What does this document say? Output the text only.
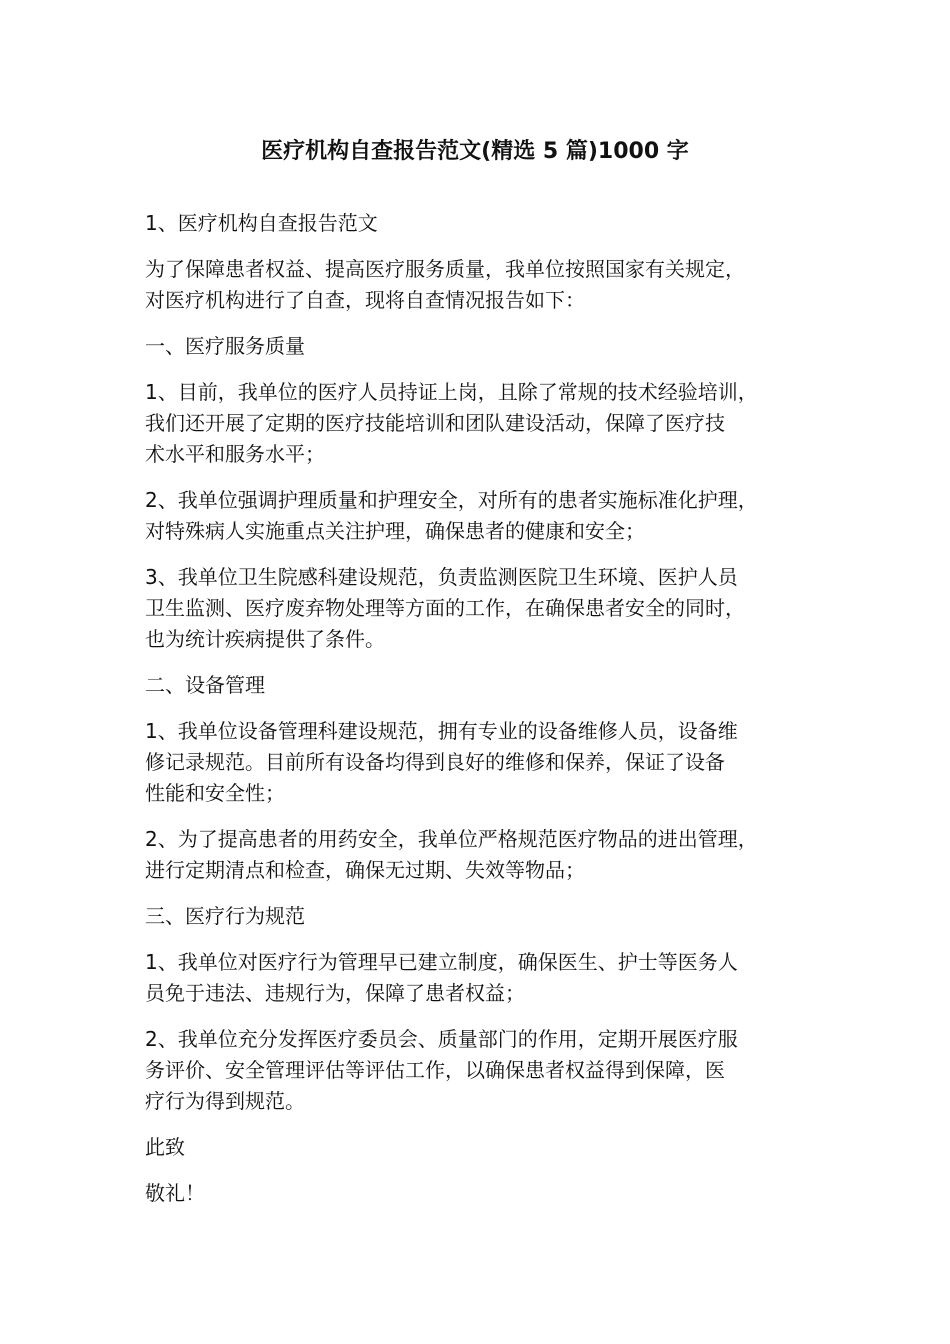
医疗机构自查报告范文(精选 5 篇)1000 字

1、医疗机构自查报告范文

为了保障患者权益、提高医疗服务质量，我单位按照国家有关规定，
对医疗机构进行了自查，现将自查情况报告如下：

一、医疗服务质量

1、目前，我单位的医疗人员持证上岗，且除了常规的技术经验培训，
我们还开展了定期的医疗技能培训和团队建设活动，保障了医疗技
术水平和服务水平；

2、我单位强调护理质量和护理安全，对所有的患者实施标准化护理，
对特殊病人实施重点关注护理，确保患者的健康和安全；

3、我单位卫生院感科建设规范，负责监测医院卫生环境、医护人员
卫生监测、医疗废弃物处理等方面的工作，在确保患者安全的同时，
也为统计疾病提供了条件。

二、设备管理

1、我单位设备管理科建设规范，拥有专业的设备维修人员，设备维
修记录规范。目前所有设备均得到良好的维修和保养，保证了设备
性能和安全性；

2、为了提高患者的用药安全，我单位严格规范医疗物品的进出管理，
进行定期清点和检查，确保无过期、失效等物品；

三、医疗行为规范

1、我单位对医疗行为管理早已建立制度，确保医生、护士等医务人
员免于违法、违规行为，保障了患者权益；

2、我单位充分发挥医疗委员会、质量部门的作用，定期开展医疗服
务评价、安全管理评估等评估工作，以确保患者权益得到保障，医
疗行为得到规范。

此致

敬礼！
